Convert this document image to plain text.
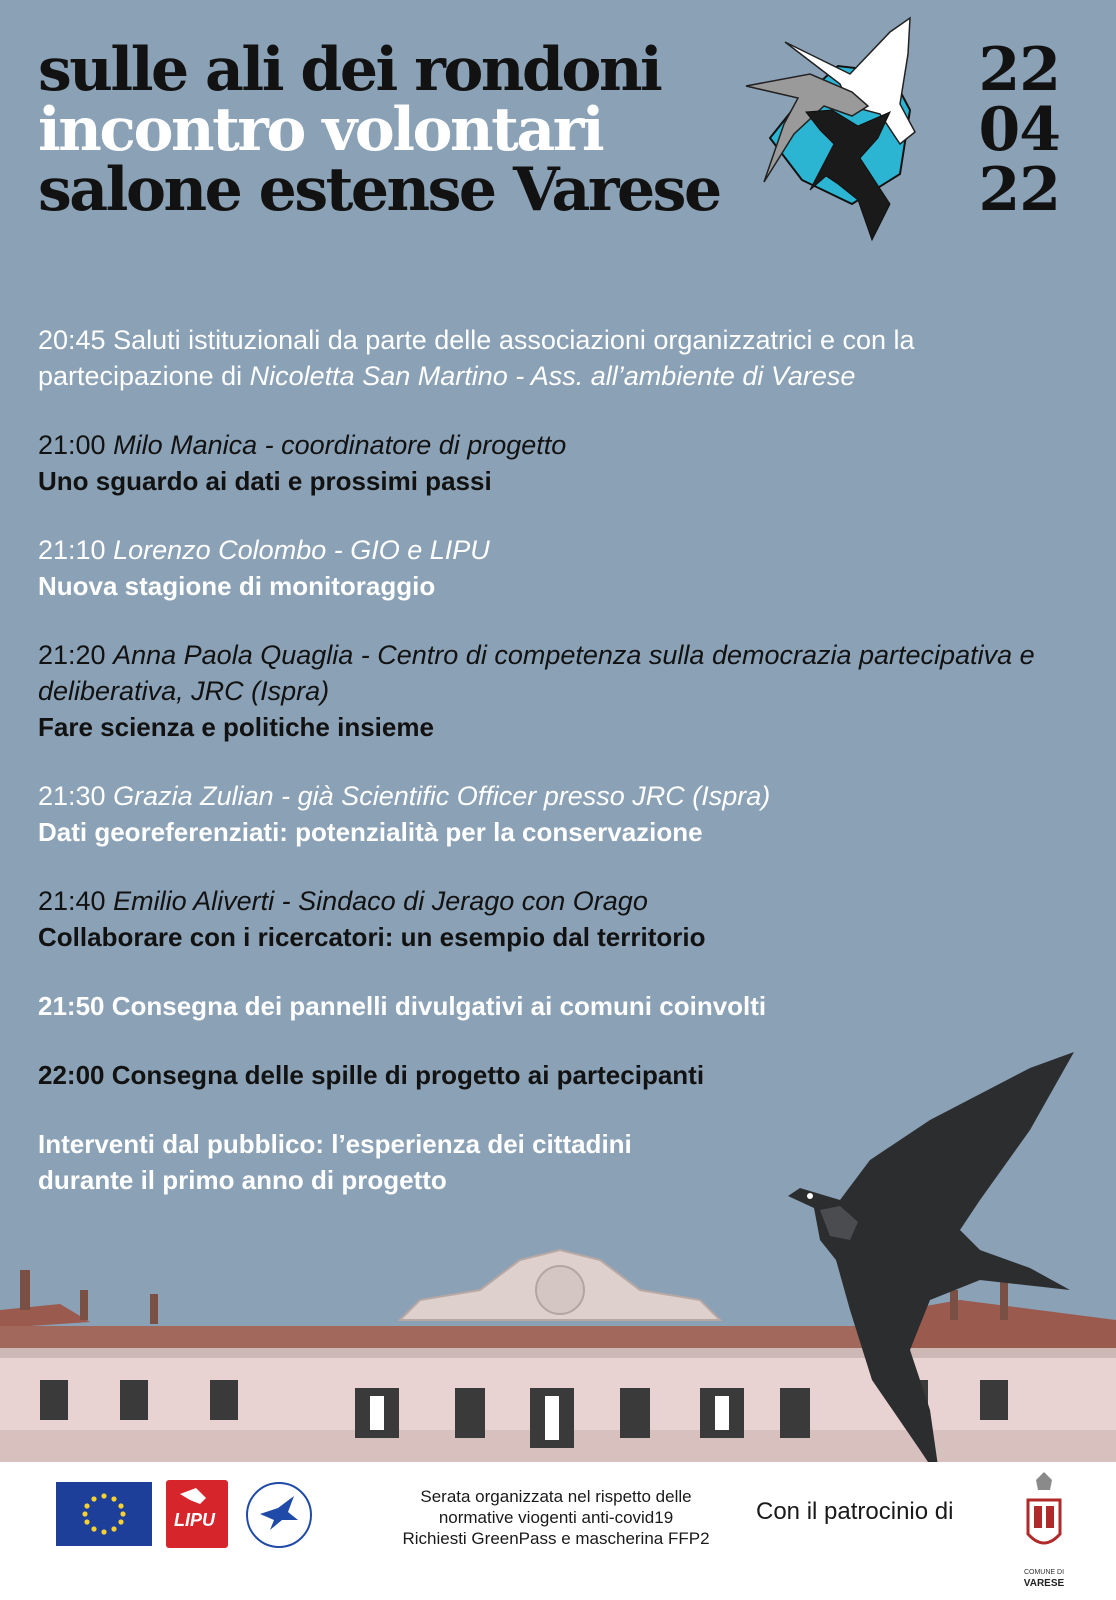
sulle ali dei rondoni
incontro volontari
salone estense Varese
22
04
22
20:45 Saluti istituzionali da parte delle associazioni organizzatrici e con la partecipazione di Nicoletta San Martino - Ass. all’ambiente di Varese
21:00 Milo Manica - coordinatore di progetto
Uno sguardo ai dati e prossimi passi
21:10 Lorenzo Colombo - GIO e LIPU
Nuova stagione di monitoraggio
21:20 Anna Paola Quaglia - Centro di competenza sulla democrazia partecipativa e deliberativa, JRC (Ispra)
Fare scienza e politiche insieme
21:30 Grazia Zulian - già Scientific Officer presso JRC (Ispra)
Dati georeferenziati: potenzialità per la conservazione
21:40 Emilio Aliverti - Sindaco di Jerago con Orago
Collaborare con i ricercatori: un esempio dal territorio
21:50 Consegna dei pannelli divulgativi ai comuni coinvolti
22:00 Consegna delle spille di progetto ai partecipanti
Interventi dal pubblico: l’esperienza dei cittadini
durante il primo anno di progetto
LIPU
Serata organizzata nel rispetto delle
normative viogenti anti-covid19
Richiesti GreenPass e mascherina FFP2
Con il patrocinio di
COMUNE DI
VARESE
